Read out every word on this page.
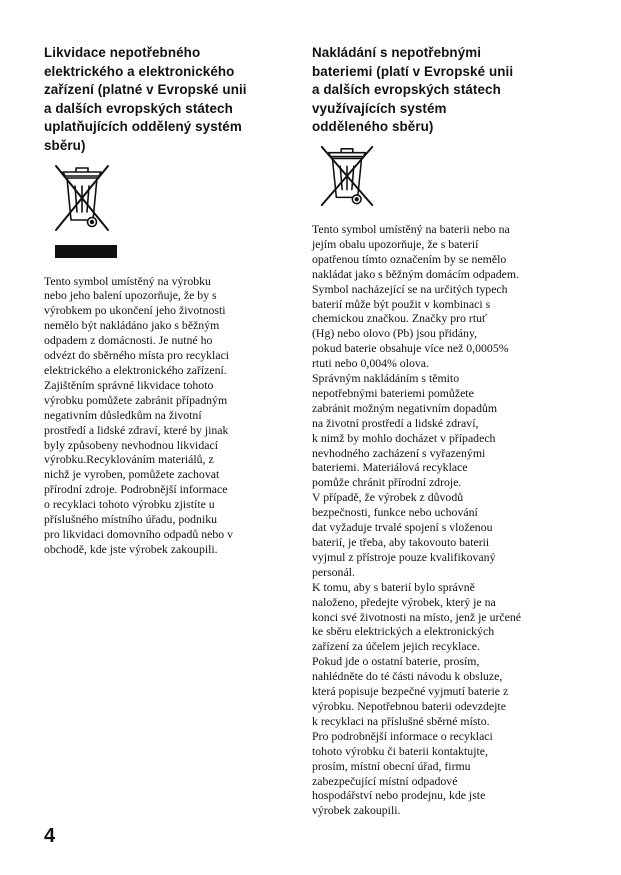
Likvidace nepotřebného
elektrického a elektronického
zařízení (platné v Evropské unii
a dalších evropských státech
uplatňujících oddělený systém
sběru)
Tento symbol umístěný na výrobku
nebo jeho balení upozorňuje, že by s
výrobkem po ukončení jeho životnosti
nemělo být nakládáno jako s běžným
odpadem z domácnosti. Je nutné ho
odvézt do sběrného místa pro recyklaci
elektrického a elektronického zařízení.
Zajištěním správné likvidace tohoto
výrobku pomůžete zabránit případným
negativním důsledkům na životní
prostředí a lidské zdraví, které by jinak
byly způsobeny nevhodnou likvidací
výrobku.Recyklováním materiálů, z
nichž je vyroben, pomůžete zachovat
přírodní zdroje. Podrobnější informace
o recyklaci tohoto výrobku zjistíte u
příslušného místního úřadu, podniku
pro likvidaci domovního odpadů nebo v
obchodě, kde jste výrobek zakoupili.
Nakládání s nepotřebnými
bateriemi (platí v Evropské unii
a dalších evropských státech
využívajících systém
odděleného sběru)
Tento symbol umístěný na baterii nebo na
jejím obalu upozorňuje, že s baterií
opatřenou tímto označením by se nemělo
nakládat jako s běžným domácím odpadem.
Symbol nacházející se na určitých typech
baterií může být použit v kombinaci s
chemickou značkou. Značky pro rtuť
(Hg) nebo olovo (Pb) jsou přidány,
pokud baterie obsahuje více než 0,0005%
rtuti nebo 0,004% olova.
Správným nakládáním s těmito
nepotřebnými bateriemi pomůžete
zabránit možným negativním dopadům
na životní prostředí a lidské zdraví,
k nimž by mohlo docházet v případech
nevhodného zacházení s vyřazenými
bateriemi. Materiálová recyklace
pomůže chránit přírodní zdroje.
V případě, že výrobek z důvodů
bezpečnosti, funkce nebo uchování
dat vyžaduje trvalé spojení s vloženou
baterií, je třeba, aby takovouto baterii
vyjmul z přístroje pouze kvalifikovaný
personál.
K tomu, aby s baterií bylo správně
naloženo, předejte výrobek, který je na
konci své životnosti na místo, jenž je určené
ke sběru elektrických a elektronických
zařízení za účelem jejich recyklace.
Pokud jde o ostatní baterie, prosím,
nahlédněte do té části návodu k obsluze,
která popisuje bezpečné vyjmutí baterie z
výrobku. Nepotřebnou baterii odevzdejte
k recyklaci na příslušné sběrné místo.
Pro podrobnější informace o recyklaci
tohoto výrobku či baterii kontaktujte,
prosím, místní obecní úřad, firmu
zabezpečující místní odpadové
hospodářství nebo prodejnu, kde jste
výrobek zakoupili.
4
